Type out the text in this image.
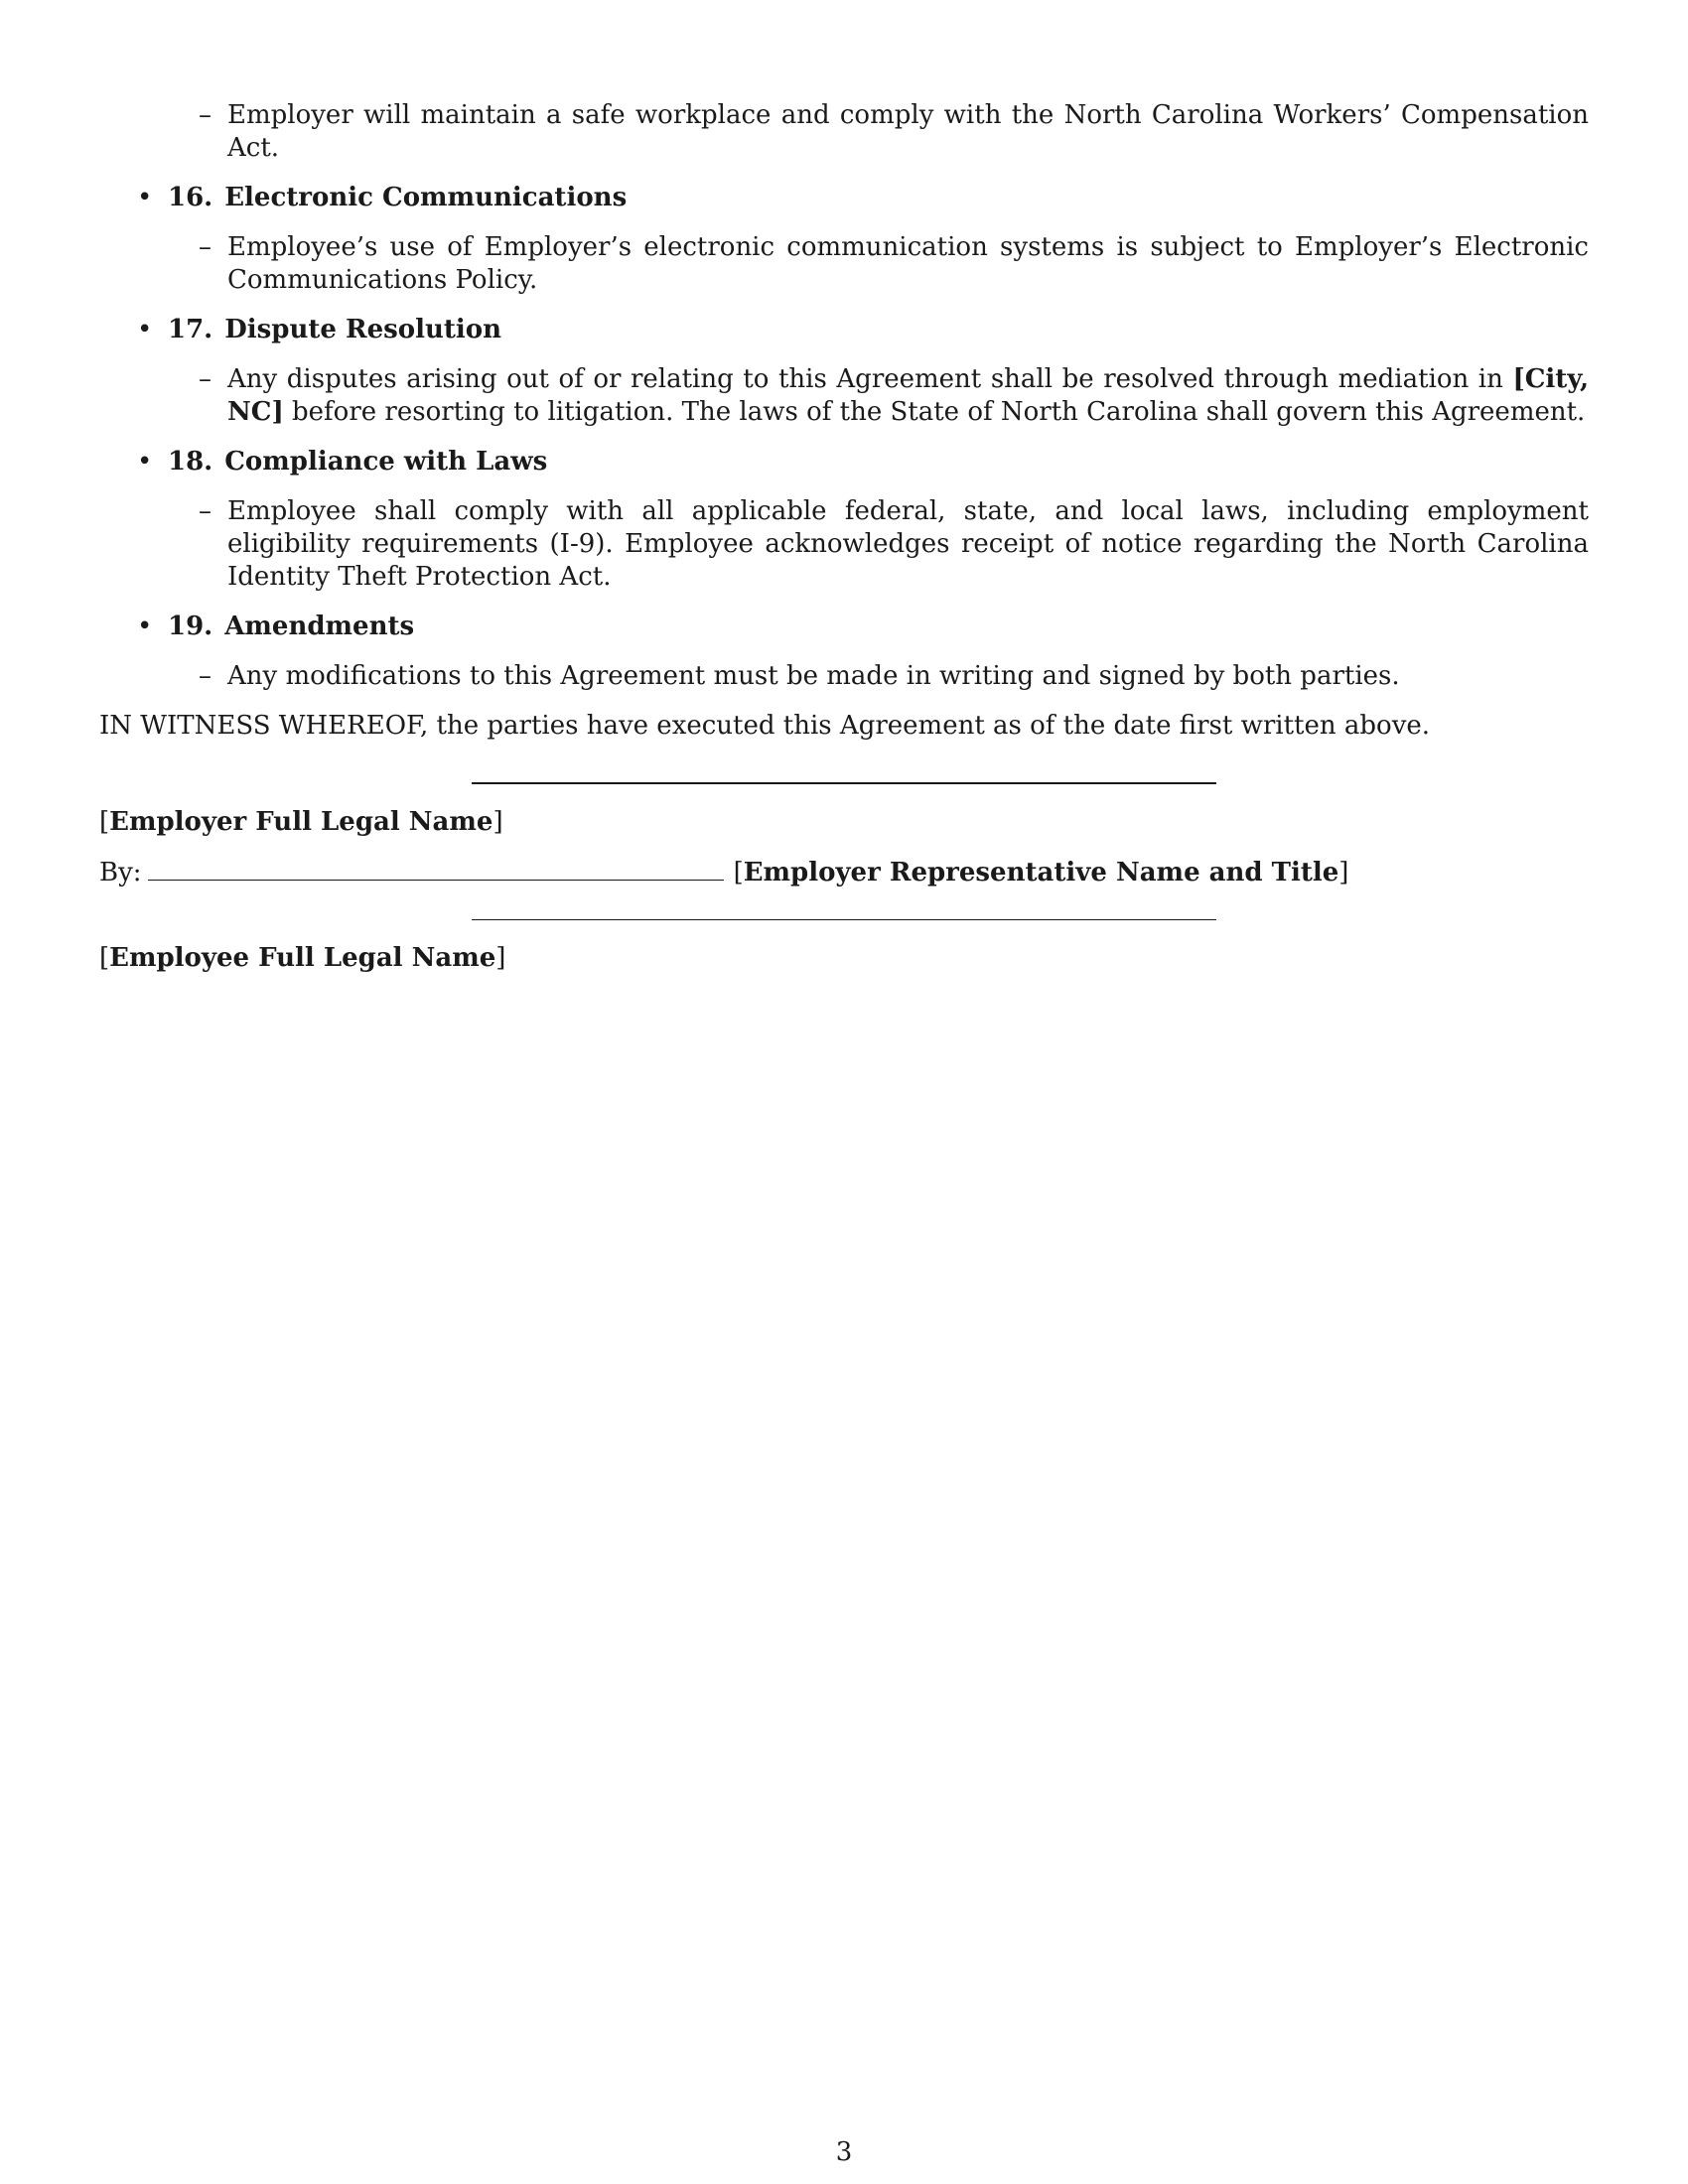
– Employer will maintain a safe workplace and comply with the North Carolina Workers’ Compensation Act.
• 16. Electronic Communications
– Employee’s use of Employer’s electronic communication systems is subject to Employer’s Electronic Communications Policy.
• 17. Dispute Resolution
– Any disputes arising out of or relating to this Agreement shall be resolved through mediation in [City, NC] before resorting to litigation. The laws of the State of North Carolina shall govern this Agreement.
• 18. Compliance with Laws
– Employee shall comply with all applicable federal, state, and local laws, including employment eligibility requirements (I-9). Employee acknowledges receipt of notice regarding the North Carolina Identity Theft Protection Act.
• 19. Amendments
– Any modifications to this Agreement must be made in writing and signed by both parties.
IN WITNESS WHEREOF, the parties have executed this Agreement as of the date first written above.
[Employer Full Legal Name]
By:	[Employer Representative Name and Title]
[Employee Full Legal Name]
3
